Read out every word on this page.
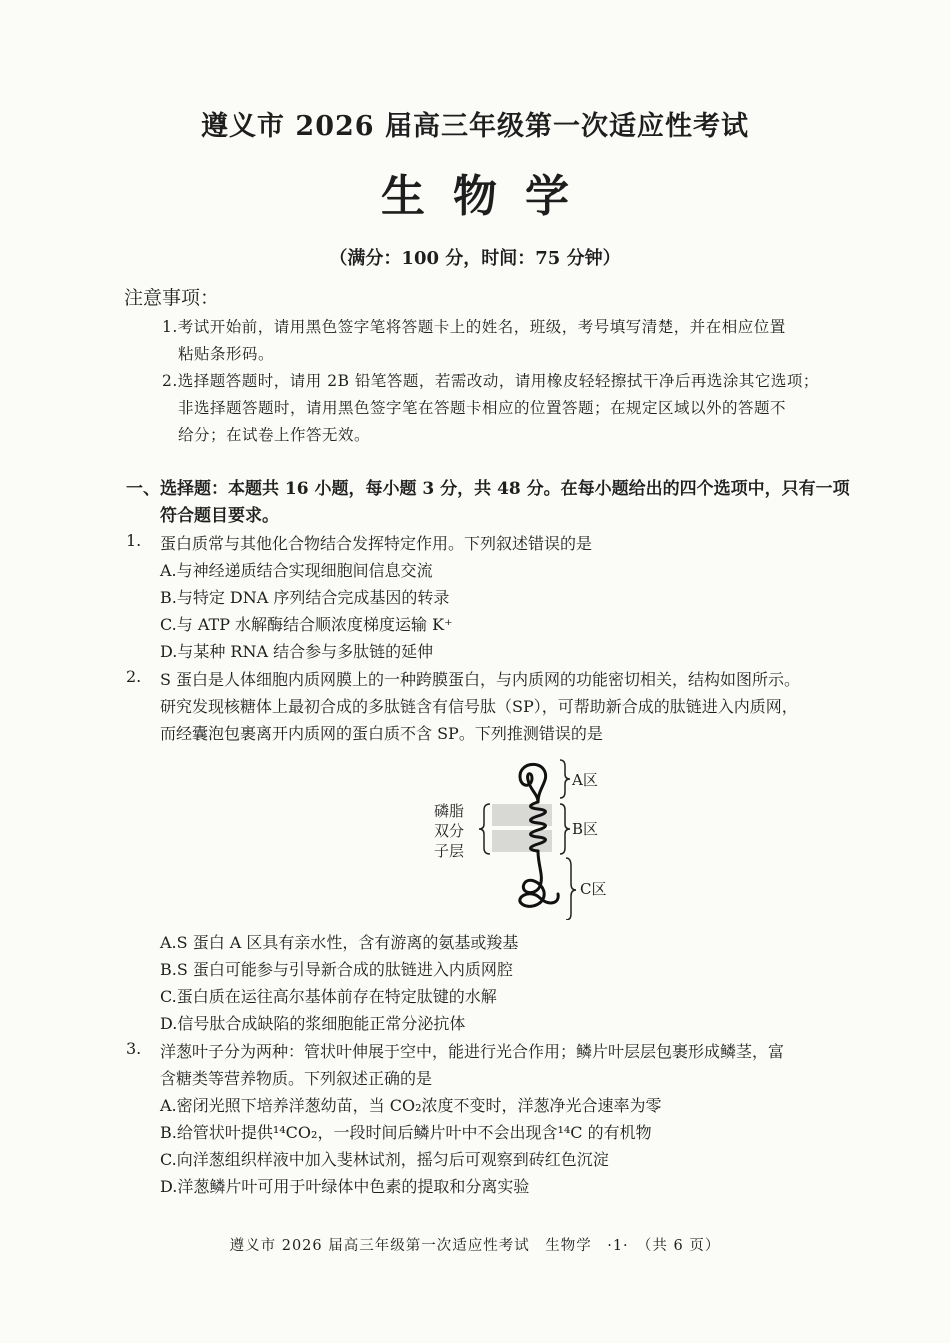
遵义市 2026 届高三年级第一次适应性考试
生物学
（满分：100 分，时间：75 分钟）
注意事项：
1.考试开始前，请用黑色签字笔将答题卡上的姓名，班级，考号填写清楚，并在相应位置
粘贴条形码。
2.选择题答题时，请用 2B 铅笔答题，若需改动，请用橡皮轻轻擦拭干净后再选涂其它选项；
非选择题答题时，请用黑色签字笔在答题卡相应的位置答题；在规定区域以外的答题不
给分；在试卷上作答无效。
一、选择题：本题共 16 小题，每小题 3 分，共 48 分。在每小题给出的四个选项中，只有一项
符合题目要求。
1. 蛋白质常与其他化合物结合发挥特定作用。下列叙述错误的是
A.与神经递质结合实现细胞间信息交流
B.与特定 DNA 序列结合完成基因的转录
C.与 ATP 水解酶结合顺浓度梯度运输 K⁺
D.与某种 RNA 结合参与多肽链的延伸
2. S 蛋白是人体细胞内质网膜上的一种跨膜蛋白，与内质网的功能密切相关，结构如图所示。
研究发现核糖体上最初合成的多肽链含有信号肽（SP），可帮助新合成的肽链进入内质网，
而经囊泡包裹离开内质网的蛋白质不含 SP。下列推测错误的是
磷脂
双分
子层
A区
B区
C区
A.S 蛋白 A 区具有亲水性，含有游离的氨基或羧基
B.S 蛋白可能参与引导新合成的肽链进入内质网腔
C.蛋白质在运往高尔基体前存在特定肽键的水解
D.信号肽合成缺陷的浆细胞能正常分泌抗体
3. 洋葱叶子分为两种：管状叶伸展于空中，能进行光合作用；鳞片叶层层包裹形成鳞茎，富
含糖类等营养物质。下列叙述正确的是
A.密闭光照下培养洋葱幼苗，当 CO₂浓度不变时，洋葱净光合速率为零
B.给管状叶提供¹⁴CO₂，一段时间后鳞片叶中不会出现含¹⁴C 的有机物
C.向洋葱组织样液中加入斐林试剂，摇匀后可观察到砖红色沉淀
D.洋葱鳞片叶可用于叶绿体中色素的提取和分离实验
遵义市 2026 届高三年级第一次适应性考试　生物学　·1·　（共 6 页）
